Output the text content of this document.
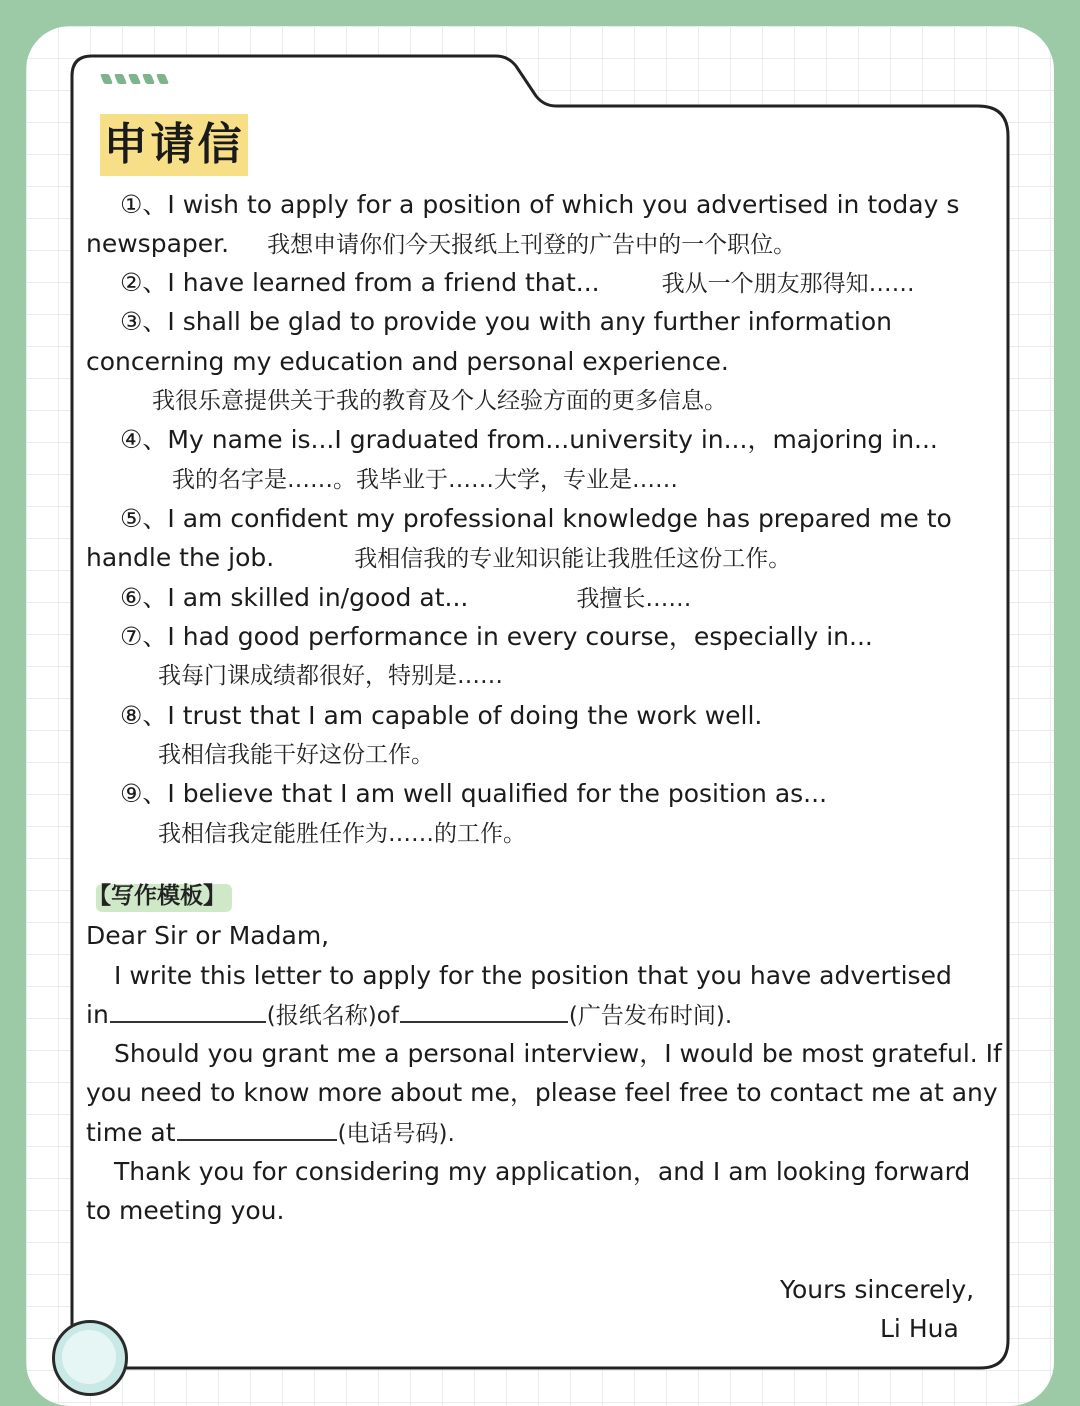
申请信
①、I wish to apply for a position of which you advertised in today s
newspaper. 我想申请你们今天报纸上刊登的广告中的一个职位。
②、I have learned from a friend that...	我从一个朋友那得知……
③、I shall be glad to provide you with any further information
concerning my education and personal experience.
我很乐意提供关于我的教育及个人经验方面的更多信息。
④、My name is...I graduated from...university in...，majoring in...
我的名字是……。我毕业于……大学，专业是……
⑤、I am confident my professional knowledge has prepared me to
handle the job.	我相信我的专业知识能让我胜任这份工作。
⑥、I am skilled in/good at...	我擅长……
⑦、I had good performance in every course，especially in...
我每门课成绩都很好，特别是……
⑧、I trust that I am capable of doing the work well.
我相信我能干好这份工作。
⑨、I believe that I am well qualified for the position as...
我相信我定能胜任作为……的工作。
【写作模板】
Dear Sir or Madam,
I write this letter to apply for the position that you have advertised
in	(报纸名称)of	(广告发布时间).
Should you grant me a personal interview，I would be most grateful. If
you need to know more about me，please feel free to contact me at any
time at	(电话号码).
Thank you for considering my application，and I am looking forward
to meeting you.
Yours sincerely,
Li Hua
